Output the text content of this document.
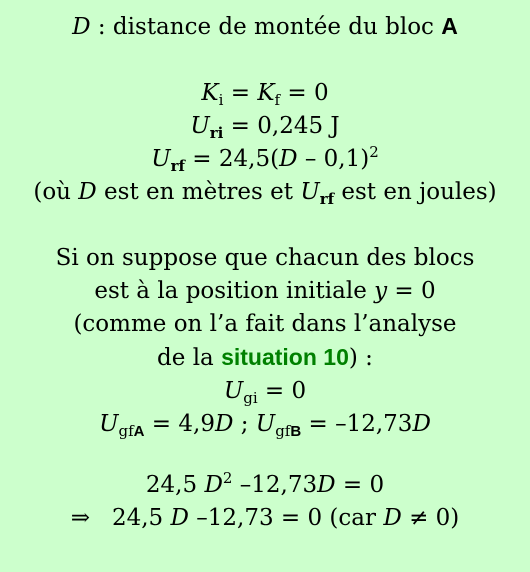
D : distance de montée du bloc A
$K_i = K_f = 0$
$U_{ri} = 0,245$ J
$U_{rf} = 24,5(D - 0,1)^2$
(où D est en mètres et $U_{rf}$ est en joules)
Si on suppose que chacun des blocs
est à la position initiale y = 0
(comme on l’a fait dans l’analyse
de la situation 10) :
$U_{gi} = 0$
$U_{gfA} = 4,9D$ ; $U_{gfB} = -12,73D$
24,5 $D^2$ –12,73D = 0
⇒   24,5 D –12,73 = 0 (car D ≠ 0)
